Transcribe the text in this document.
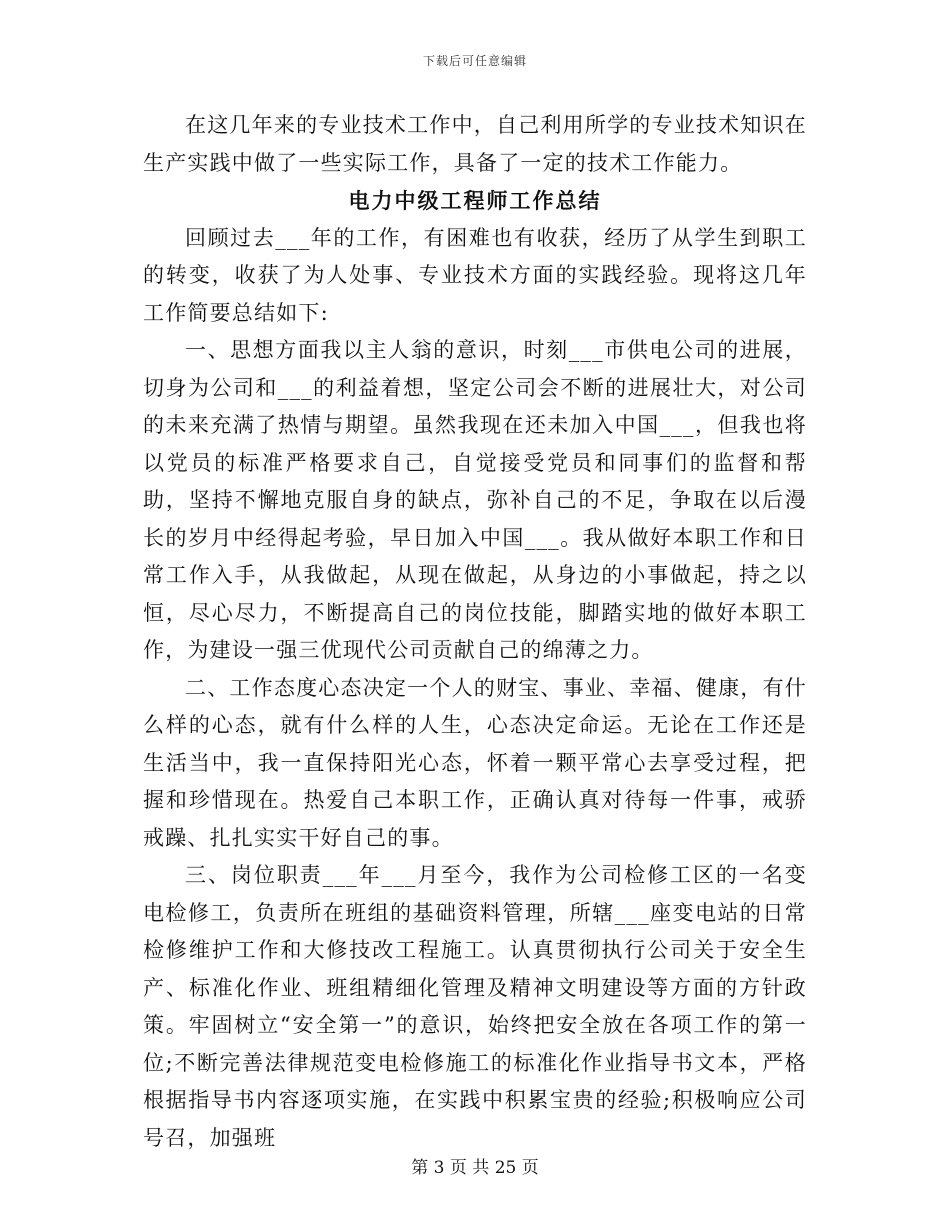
下载后可任意编辑

在这几年来的专业技术工作中，自己利用所学的专业技术知识在生产实践中做了一些实际工作，具备了一定的技术工作能力。

电力中级工程师工作总结

回顾过去___年的工作，有困难也有收获，经历了从学生到职工的转变，收获了为人处事、专业技术方面的实践经验。现将这几年工作简要总结如下:

一、思想方面我以主人翁的意识，时刻___市供电公司的进展，切身为公司和___的利益着想，坚定公司会不断的进展壮大，对公司的未来充满了热情与期望。虽然我现在还未加入中国___，但我也将以党员的标准严格要求自己，自觉接受党员和同事们的监督和帮助，坚持不懈地克服自身的缺点，弥补自己的不足，争取在以后漫长的岁月中经得起考验，早日加入中国___。我从做好本职工作和日常工作入手，从我做起，从现在做起，从身边的小事做起，持之以恒，尽心尽力，不断提高自己的岗位技能，脚踏实地的做好本职工作，为建设一强三优现代公司贡献自己的绵薄之力。

二、工作态度心态决定一个人的财宝、事业、幸福、健康，有什么样的心态，就有什么样的人生，心态决定命运。无论在工作还是生活当中，我一直保持阳光心态，怀着一颗平常心去享受过程，把握和珍惜现在。热爱自己本职工作，正确认真对待每一件事，戒骄戒躁、扎扎实实干好自己的事。

三、岗位职责___年___月至今，我作为公司检修工区的一名变电检修工，负责所在班组的基础资料管理，所辖___座变电站的日常检修维护工作和大修技改工程施工。认真贯彻执行公司关于安全生产、标准化作业、班组精细化管理及精神文明建设等方面的方针政策。牢固树立“安全第一”的意识，始终把安全放在各项工作的第一位;不断完善法律规范变电检修施工的标准化作业指导书文本，严格根据指导书内容逐项实施，在实践中积累宝贵的经验;积极响应公司号召，加强班

第 3 页 共 25 页
